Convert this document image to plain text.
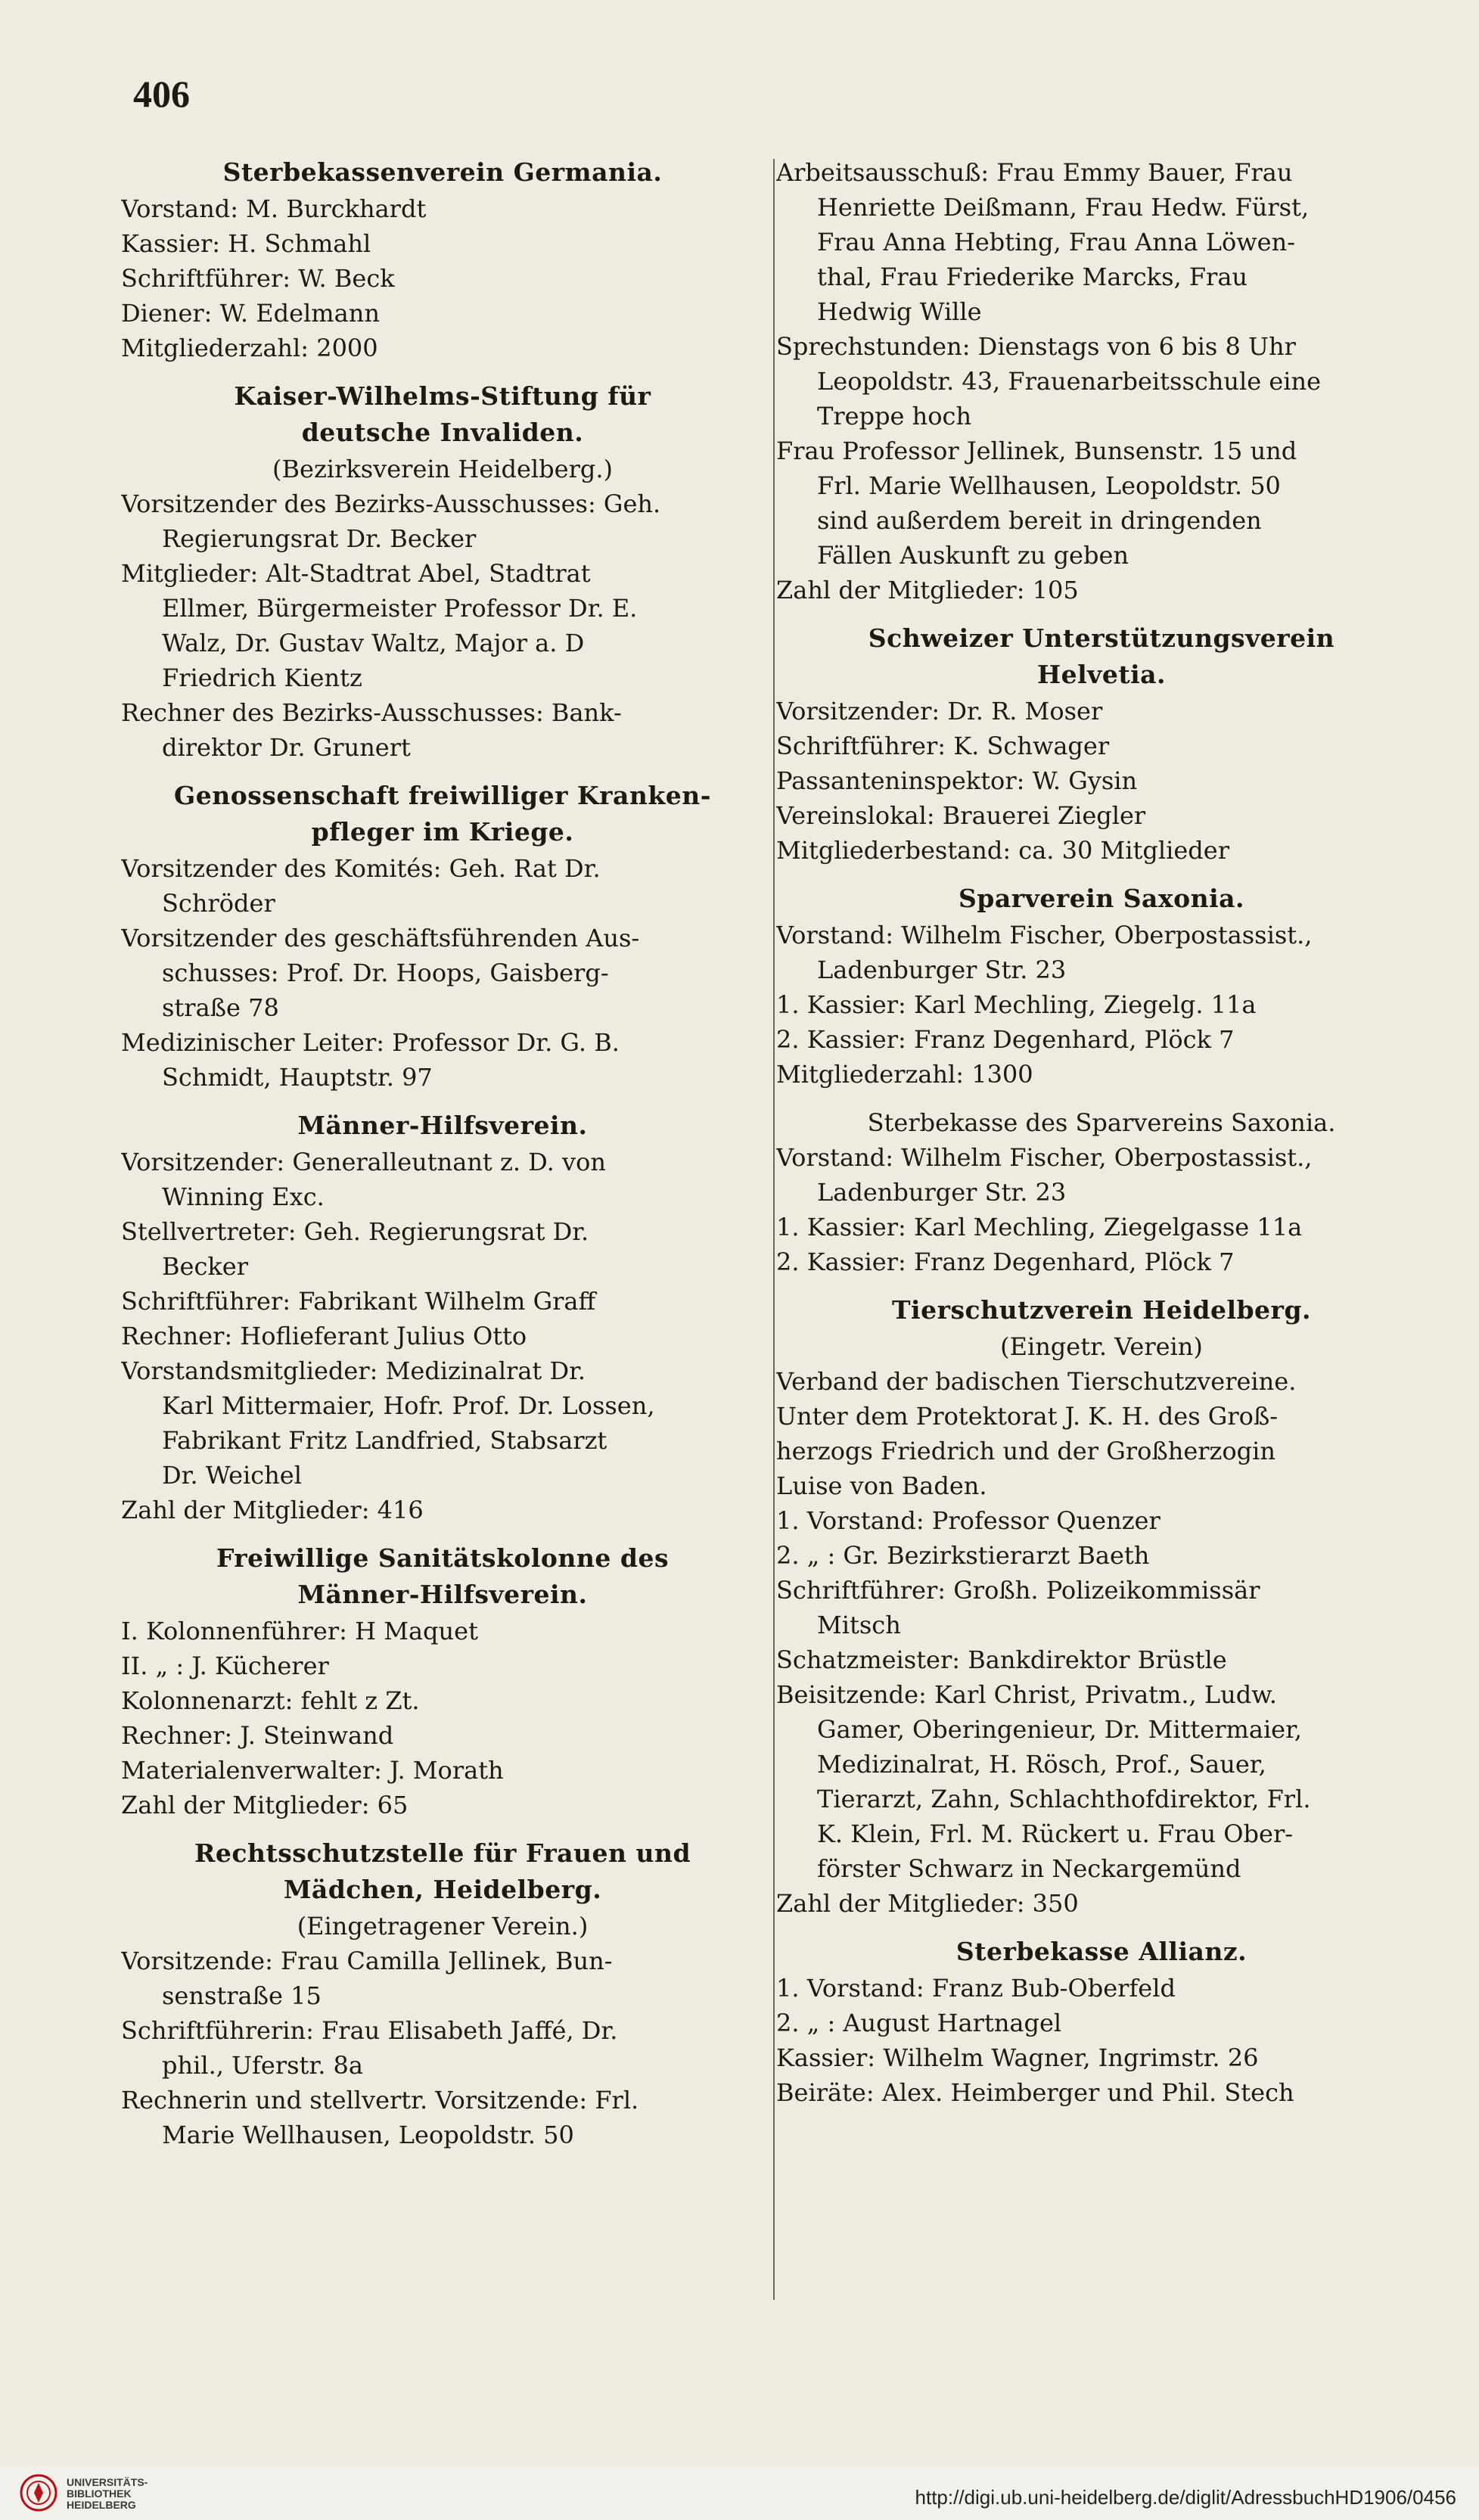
406
Sterbekassenverein Germania.
Vorstand: M. Burckhardt
Kassier: H. Schmahl
Schriftführer: W. Beck
Diener: W. Edelmann
Mitgliederzahl: 2000
Kaiser-Wilhelms-Stiftung für
deutsche Invaliden.
(Bezirksverein Heidelberg.)
Vorsitzender des Bezirks-Ausschusses: Geh.
Regierungsrat Dr. Becker
Mitglieder: Alt-Stadtrat Abel, Stadtrat
Ellmer, Bürgermeister Professor Dr. E.
Walz, Dr. Gustav Waltz, Major a. D
Friedrich Kientz
Rechner des Bezirks-Ausschusses: Bank-
direktor Dr. Grunert
Genossenschaft freiwilliger Kranken-
pfleger im Kriege.
Vorsitzender des Komités: Geh. Rat Dr.
Schröder
Vorsitzender des geschäftsführenden Aus-
schusses: Prof. Dr. Hoops, Gaisberg-
straße 78
Medizinischer Leiter: Professor Dr. G. B.
Schmidt, Hauptstr. 97
Männer-Hilfsverein.
Vorsitzender: Generalleutnant z. D. von
Winning Exc.
Stellvertreter: Geh. Regierungsrat Dr.
Becker
Schriftführer: Fabrikant Wilhelm Graff
Rechner: Hoflieferant Julius Otto
Vorstandsmitglieder: Medizinalrat Dr.
Karl Mittermaier, Hofr. Prof. Dr. Lossen,
Fabrikant Fritz Landfried, Stabsarzt
Dr. Weichel
Zahl der Mitglieder: 416
Freiwillige Sanitätskolonne des
Männer-Hilfsverein.
I. Kolonnenführer: H Maquet
II. „ : J. Kücherer
Kolonnenarzt: fehlt z Zt.
Rechner: J. Steinwand
Materialenverwalter: J. Morath
Zahl der Mitglieder: 65
Rechtsschutzstelle für Frauen und
Mädchen, Heidelberg.
(Eingetragener Verein.)
Vorsitzende: Frau Camilla Jellinek, Bun-
senstraße 15
Schriftführerin: Frau Elisabeth Jaffé, Dr.
phil., Uferstr. 8a
Rechnerin und stellvertr. Vorsitzende: Frl.
Marie Wellhausen, Leopoldstr. 50
Arbeitsausschuß: Frau Emmy Bauer, Frau
Henriette Deißmann, Frau Hedw. Fürst,
Frau Anna Hebting, Frau Anna Löwen-
thal, Frau Friederike Marcks, Frau
Hedwig Wille
Sprechstunden: Dienstags von 6 bis 8 Uhr
Leopoldstr. 43, Frauenarbeitsschule eine
Treppe hoch
Frau Professor Jellinek, Bunsenstr. 15 und
Frl. Marie Wellhausen, Leopoldstr. 50
sind außerdem bereit in dringenden
Fällen Auskunft zu geben
Zahl der Mitglieder: 105
Schweizer Unterstützungsverein
Helvetia.
Vorsitzender: Dr. R. Moser
Schriftführer: K. Schwager
Passanteninspektor: W. Gysin
Vereinslokal: Brauerei Ziegler
Mitgliederbestand: ca. 30 Mitglieder
Sparverein Saxonia.
Vorstand: Wilhelm Fischer, Oberpostassist.,
Ladenburger Str. 23
1. Kassier: Karl Mechling, Ziegelg. 11a
2. Kassier: Franz Degenhard, Plöck 7
Mitgliederzahl: 1300
Sterbekasse des Sparvereins Saxonia.
Vorstand: Wilhelm Fischer, Oberpostassist.,
Ladenburger Str. 23
1. Kassier: Karl Mechling, Ziegelgasse 11a
2. Kassier: Franz Degenhard, Plöck 7
Tierschutzverein Heidelberg.
(Eingetr. Verein)
Verband der badischen Tierschutzvereine.
Unter dem Protektorat J. K. H. des Groß-
herzogs Friedrich und der Großherzogin
Luise von Baden.
1. Vorstand: Professor Quenzer
2. „ : Gr. Bezirkstierarzt Baeth
Schriftführer: Großh. Polizeikommissär
Mitsch
Schatzmeister: Bankdirektor Brüstle
Beisitzende: Karl Christ, Privatm., Ludw.
Gamer, Oberingenieur, Dr. Mittermaier,
Medizinalrat, H. Rösch, Prof., Sauer,
Tierarzt, Zahn, Schlachthofdirektor, Frl.
K. Klein, Frl. M. Rückert u. Frau Ober-
förster Schwarz in Neckargemünd
Zahl der Mitglieder: 350
Sterbekasse Allianz.
1. Vorstand: Franz Bub-Oberfeld
2. „ : August Hartnagel
Kassier: Wilhelm Wagner, Ingrimstr. 26
Beiräte: Alex. Heimberger und Phil. Stech
UNIVERSITÄTS-
BIBLIOTHEK
HEIDELBERG	http://digi.ub.uni-heidelberg.de/diglit/AdressbuchHD1906/0456
